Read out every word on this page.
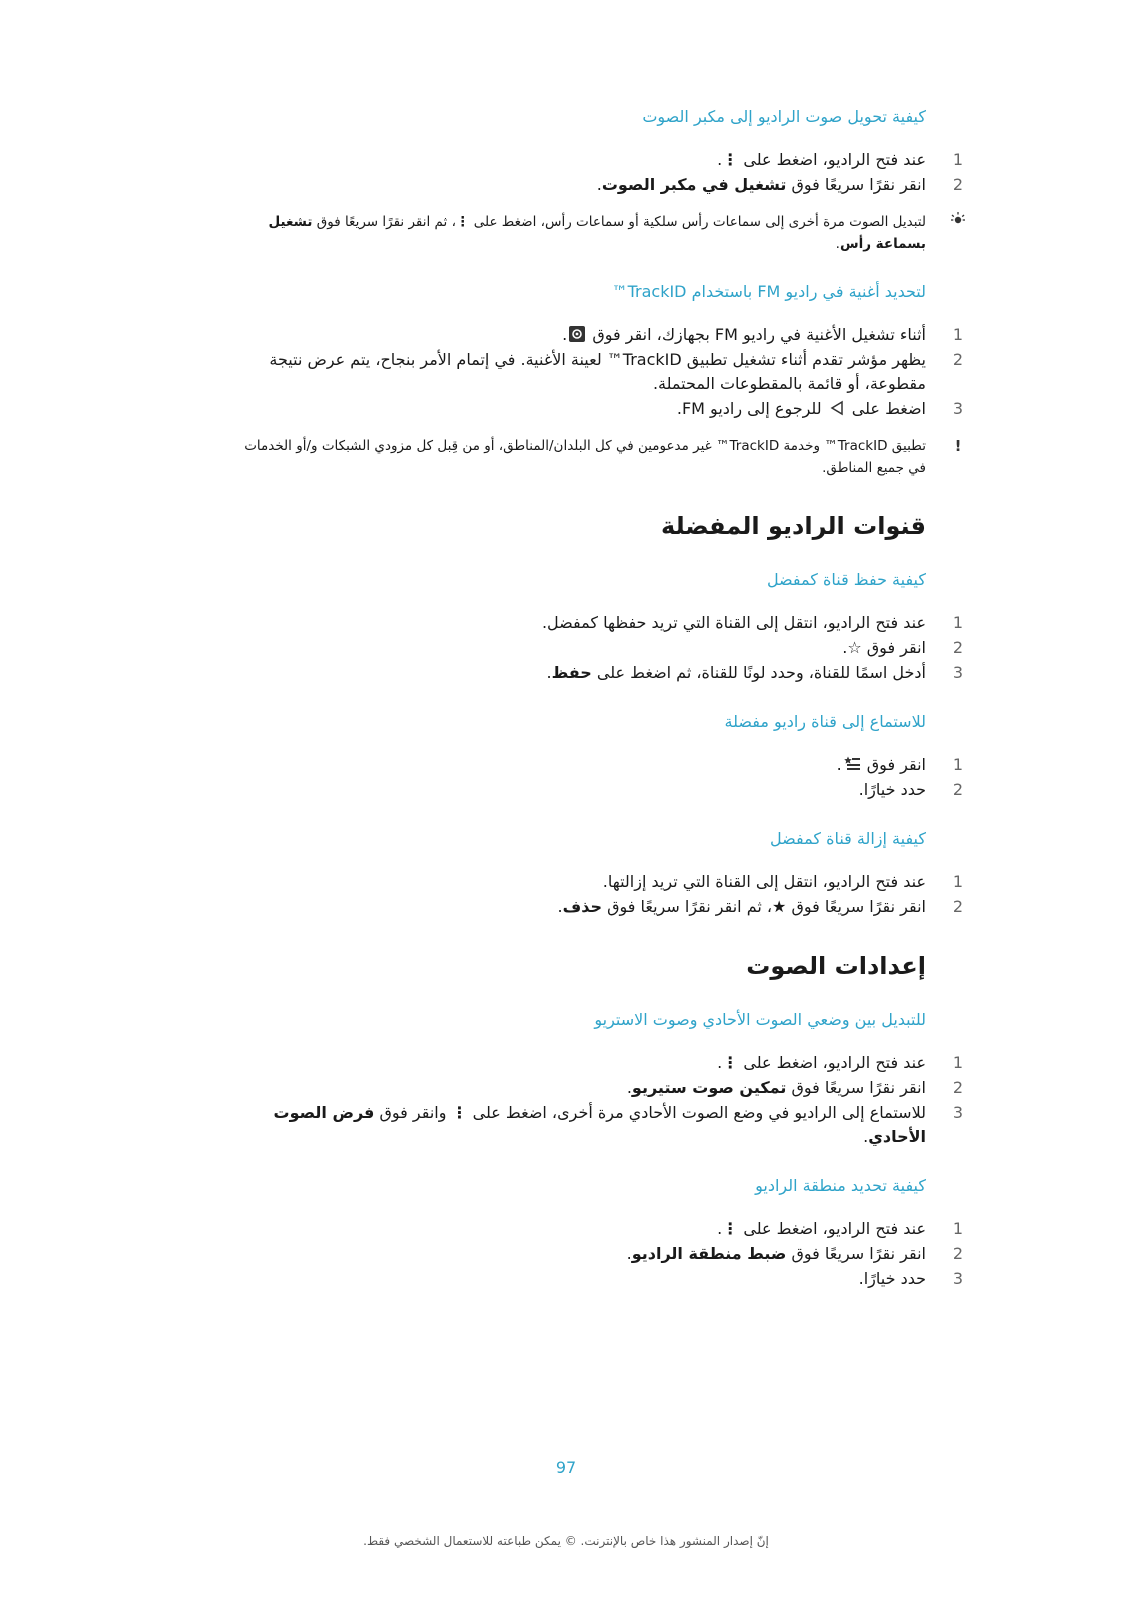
كيفية تحويل صوت الراديو إلى مكبر الصوت
1
عند فتح الراديو، اضغط على ⋮.
2
انقر نقرًا سريعًا فوق تشغيل في مكبر الصوت.
لتبديل الصوت مرة أخرى إلى سماعات رأس سلكية أو سماعات رأس، اضغط على ⋮، ثم انقر نقرًا سريعًا فوق تشغيل بسماعة رأس.
لتحديد أغنية في راديو FM باستخدام TrackID™
1
أثناء تشغيل الأغنية في راديو FM بجهازك، انقر فوق .
2
يظهر مؤشر تقدم أثناء تشغيل تطبيق TrackID™ لعينة الأغنية. في إتمام الأمر بنجاح، يتم عرض نتيجة مقطوعة، أو قائمة بالمقطوعات المحتملة.
3
اضغط على  للرجوع إلى راديو FM.
!
تطبيق TrackID™ وخدمة TrackID™ غير مدعومين في كل البلدان/المناطق، أو من قِبل كل مزودي الشبكات و/أو الخدمات في جميع المناطق.
قنوات الراديو المفضلة
كيفية حفظ قناة كمفضل
1
عند فتح الراديو، انتقل إلى القناة التي تريد حفظها كمفضل.
2
انقر فوق ☆.
3
أدخل اسمًا للقناة، وحدد لونًا للقناة، ثم اضغط على حفظ.
للاستماع إلى قناة راديو مفضلة
1
انقر فوق .
2
حدد خيارًا.
كيفية إزالة قناة كمفضل
1
عند فتح الراديو، انتقل إلى القناة التي تريد إزالتها.
2
انقر نقرًا سريعًا فوق ★، ثم انقر نقرًا سريعًا فوق حذف.
إعدادات الصوت
للتبديل بين وضعي الصوت الأحادي وصوت الاستريو
1
عند فتح الراديو، اضغط على ⋮.
2
انقر نقرًا سريعًا فوق تمكين صوت ستيريو.
3
للاستماع إلى الراديو في وضع الصوت الأحادي مرة أخرى، اضغط على ⋮ وانقر فوق فرض الصوت الأحادي.
كيفية تحديد منطقة الراديو
1
عند فتح الراديو، اضغط على ⋮.
2
انقر نقرًا سريعًا فوق ضبط منطقة الراديو.
3
حدد خيارًا.
97
إنّ إصدار المنشور هذا خاص بالإنترنت. © يمكن طباعته للاستعمال الشخصي فقط.
